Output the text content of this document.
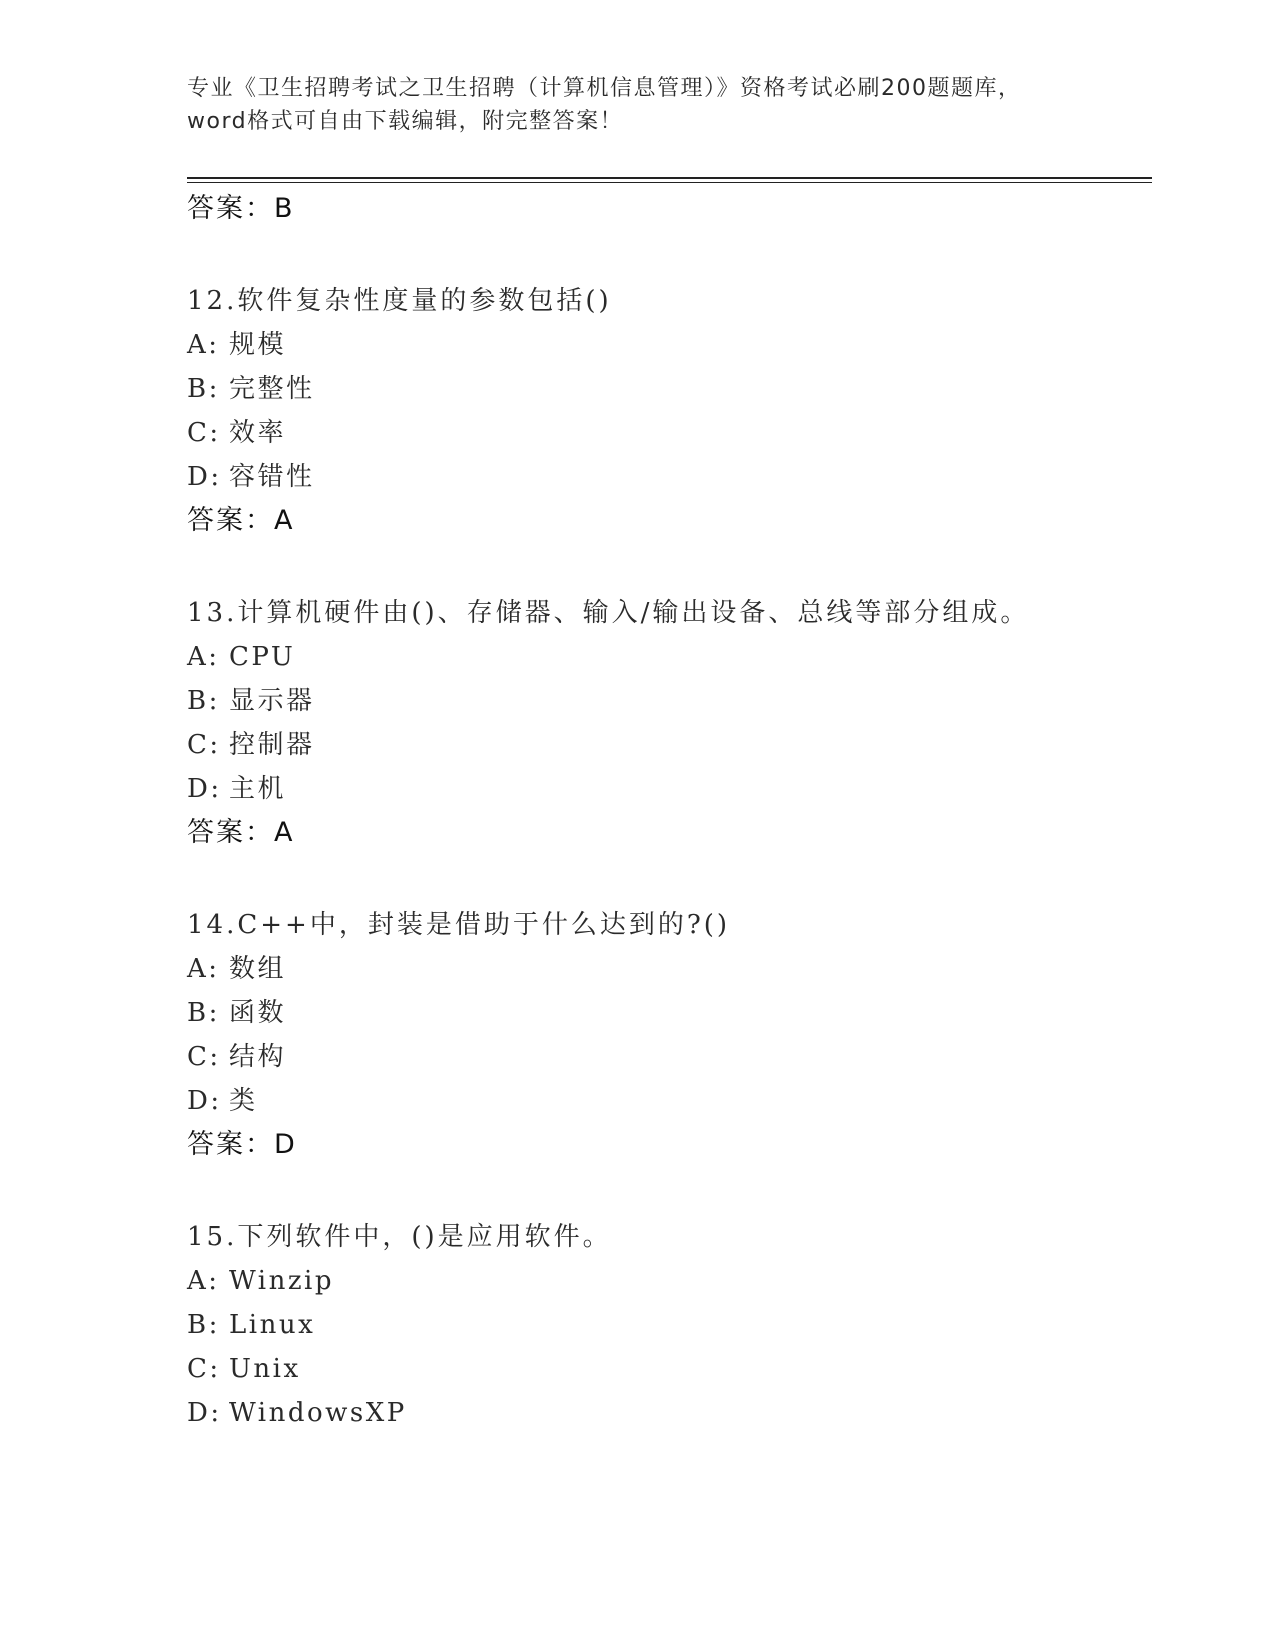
专业《卫生招聘考试之卫生招聘（计算机信息管理）》资格考试必刷200题题库，
word格式可自由下载编辑，附完整答案！
答案：B
12.软件复杂性度量的参数包括()
A: 规模
B: 完整性
C: 效率
D: 容错性
答案：A
13.计算机硬件由()、存储器、输入/输出设备、总线等部分组成。
A: CPU
B: 显示器
C: 控制器
D: 主机
答案：A
14.C++中，封装是借助于什么达到的?()
A: 数组
B: 函数
C: 结构
D: 类
答案：D
15.下列软件中，()是应用软件。
A: Winzip
B: Linux
C: Unix
D: WindowsXP
